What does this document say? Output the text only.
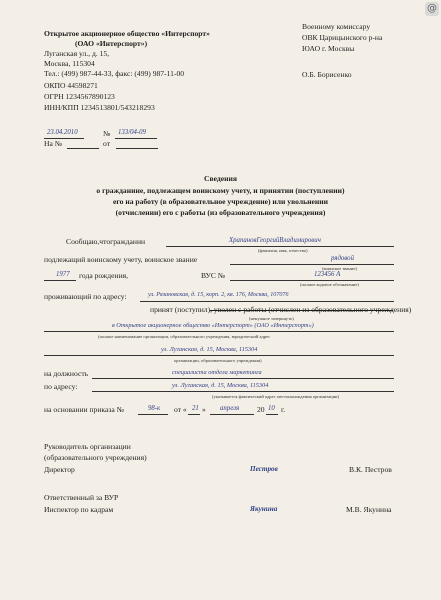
@
Открытое акционерное общество «Интерспорт»
(ОАО «Интерспорт»)
Луганская ул., д. 15,
Москва, 115304
Тел.: (499) 987-44-33, факс: (499) 987-11-00
ОКПО 44598271
ОГРН 1234567890123
ИНН/КПП 1234513801/543218293
Военному комиссару
ОВК Царицынского р-на
ЮАО г. Москвы
О.Б. Борисенко
23.04.2010	№ 133/04-09
На №	от
Сведения
о гражданине, подлежащем воинскому учету, и принятии (поступлении)
его на работу (в образовательное учреждение) или увольнении
(отчислении) его с работы (из образовательного учреждения)
Сообщаю,чтогражданин	ХрапановГеоргийВладимирович
(фамилия, имя, отчество)
подлежащий воинскому учету, воинское звание	рядовой
(воинское звание)
1977 года рождения,	ВУС №	123456 А
(полное кодовое обозначение)
проживающий по адресу:	ул. Рязановская, д. 15, корп. 2, кв. 176, Москва, 107076
принят (поступил), уволен с работы (отчислен из образовательного учреждения)
(ненужное зачеркнуть)
в Открытое акционерное общество «Интерспорт» (ОАО «Интерспорт»)
(полное наименование организации, образовательного учреждения, юридический адрес
ул. Луганская, д. 15, Москва, 115304
организации, образовательного учреждения)
на должность	специалиста отдела маркетинга
по адресу:	ул. Луганская, д. 15, Москва, 115304
(указывается фактический адрес местонахождения организации)
на основании приказа №	98-к от « 21 » апреля 20 10 г.
Руководитель организации
(образовательного учреждения)
Директор	Пестров	В.К. Пестров
Ответственный за ВУР
Инспектор по кадрам	Якунина	М.В. Якунина
